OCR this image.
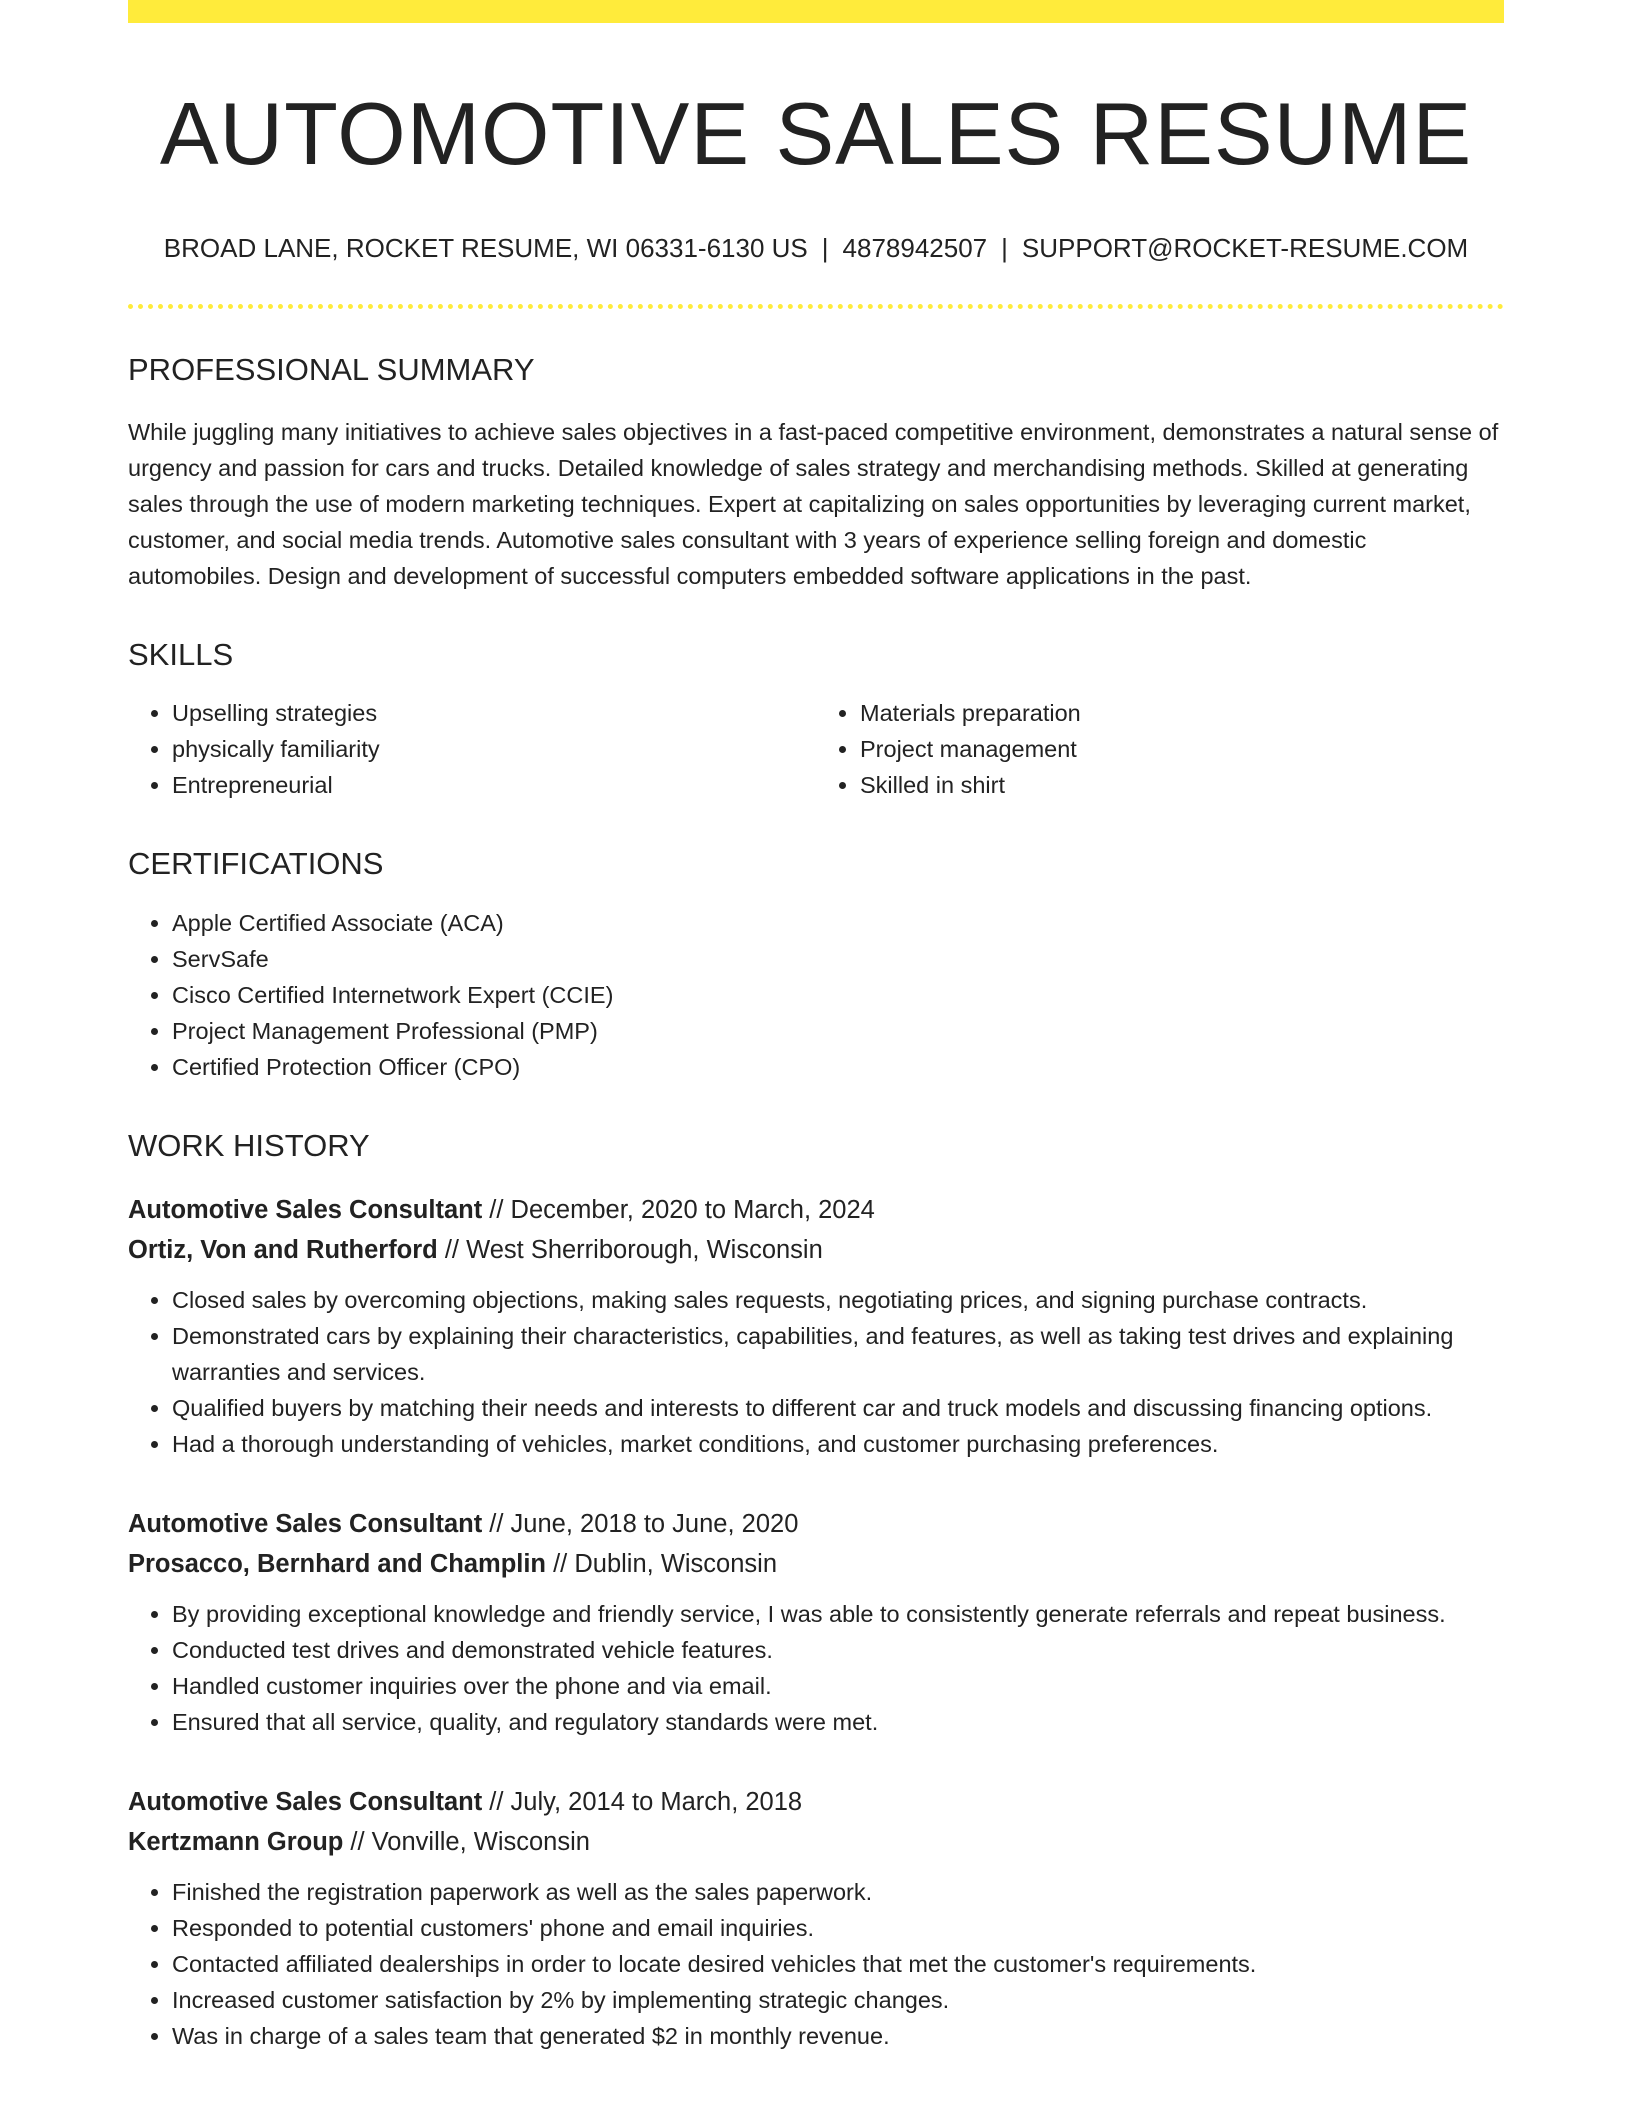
AUTOMOTIVE SALES RESUME
BROAD LANE, ROCKET RESUME, WI 06331-6130 US | 4878942507 | SUPPORT@ROCKET-RESUME.COM
PROFESSIONAL SUMMARY

While juggling many initiatives to achieve sales objectives in a fast-paced competitive environment, demonstrates a natural sense of urgency and passion for cars and trucks. Detailed knowledge of sales strategy and merchandising methods. Skilled at generating sales through the use of modern marketing techniques. Expert at capitalizing on sales opportunities by leveraging current market, customer, and social media trends. Automotive sales consultant with 3 years of experience selling foreign and domestic automobiles. Design and development of successful computers embedded software applications in the past.

SKILLS
• Upselling strategies
• physically familiarity
• Entrepreneurial
• Materials preparation
• Project management
• Skilled in shirt
CERTIFICATIONS
• Apple Certified Associate (ACA)
• ServSafe
• Cisco Certified Internetwork Expert (CCIE)
• Project Management Professional (PMP)
• Certified Protection Officer (CPO)
WORK HISTORY
Automotive Sales Consultant // December, 2020 to March, 2024
Ortiz, Von and Rutherford // West Sherriborough, Wisconsin
• Closed sales by overcoming objections, making sales requests, negotiating prices, and signing purchase contracts.
• Demonstrated cars by explaining their characteristics, capabilities, and features, as well as taking test drives and explaining warranties and services.
• Qualified buyers by matching their needs and interests to different car and truck models and discussing financing options.
• Had a thorough understanding of vehicles, market conditions, and customer purchasing preferences.
Automotive Sales Consultant // June, 2018 to June, 2020
Prosacco, Bernhard and Champlin // Dublin, Wisconsin
• By providing exceptional knowledge and friendly service, I was able to consistently generate referrals and repeat business.
• Conducted test drives and demonstrated vehicle features.
• Handled customer inquiries over the phone and via email.
• Ensured that all service, quality, and regulatory standards were met.
Automotive Sales Consultant // July, 2014 to March, 2018
Kertzmann Group // Vonville, Wisconsin
• Finished the registration paperwork as well as the sales paperwork.
• Responded to potential customers' phone and email inquiries.
• Contacted affiliated dealerships in order to locate desired vehicles that met the customer's requirements.
• Increased customer satisfaction by 2% by implementing strategic changes.
• Was in charge of a sales team that generated $2 in monthly revenue.
